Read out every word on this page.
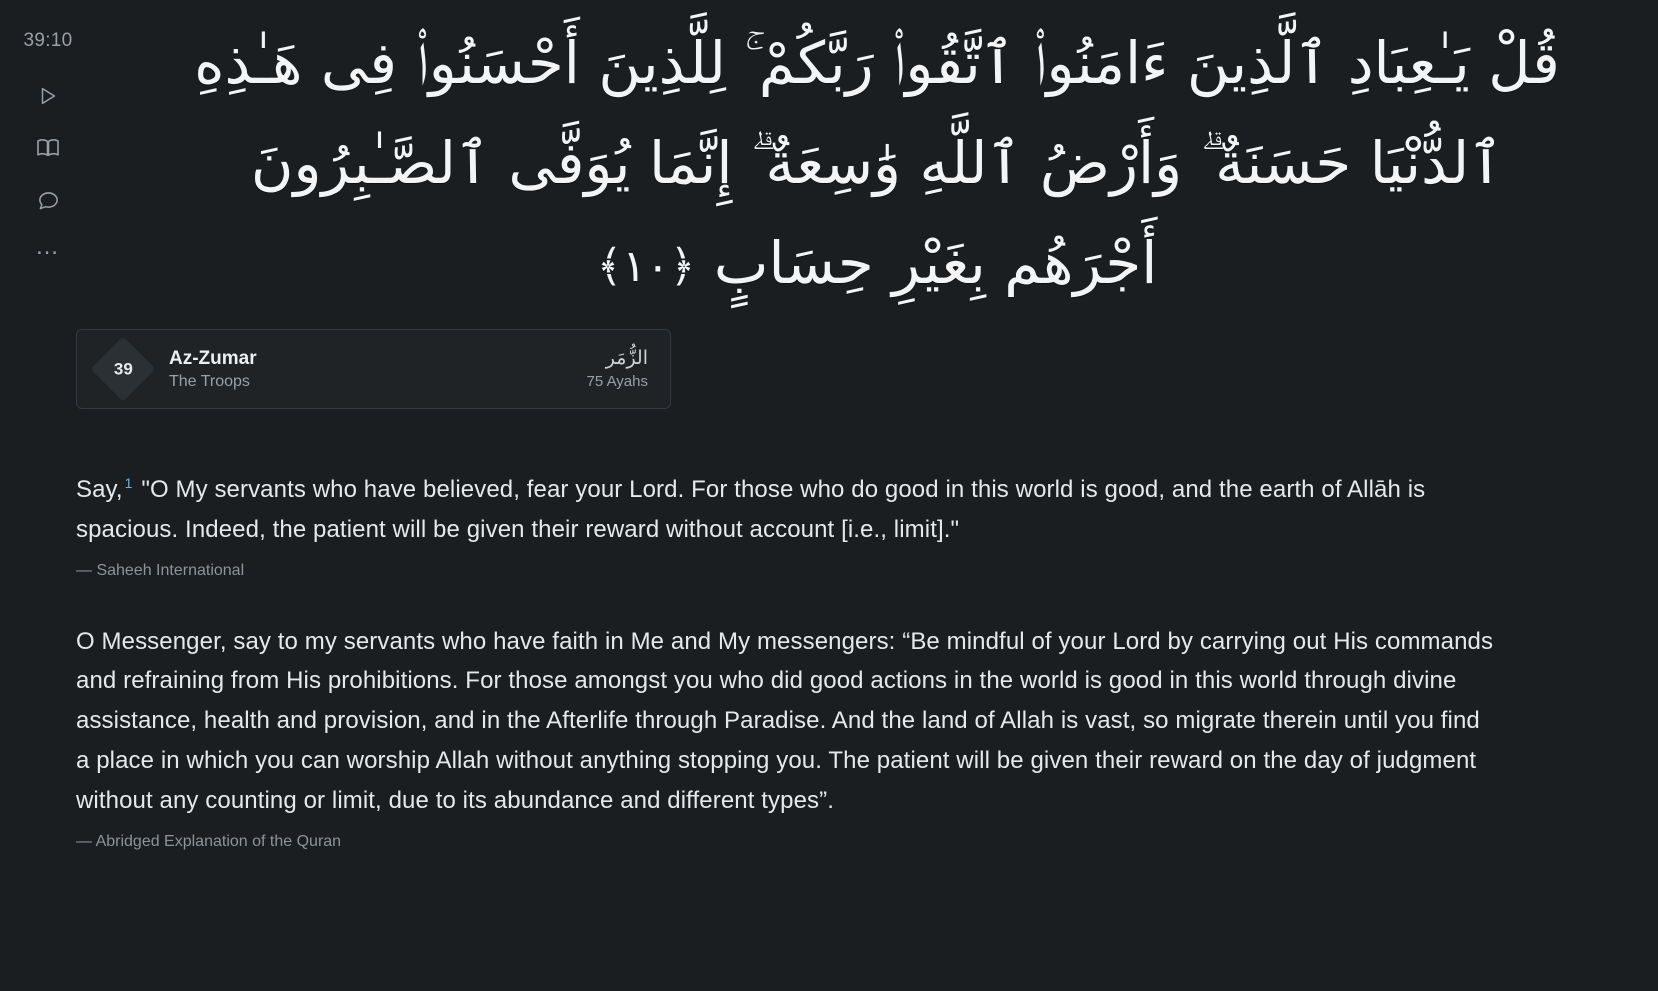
39:10
…
قُلْ يَـٰعِبَادِ ٱلَّذِينَ ءَامَنُوا۟ ٱتَّقُوا۟ رَبَّكُمْ ۚ لِلَّذِينَ أَحْسَنُوا۟ فِى هَـٰذِهِ ٱلدُّنْيَا حَسَنَةٌ ۗ وَأَرْضُ ٱللَّهِ وَٰسِعَةٌ ۗ إِنَّمَا يُوَفَّى ٱلصَّـٰبِرُونَ أَجْرَهُم بِغَيْرِ حِسَابٍ ﴿١٠﴾
39 Az-Zumar
The Troops
الزُّمَر
75 Ayahs
Say, $^1$ "O My servants who have believed, fear your Lord. For those who do good in this world is good, and the earth of Allāh is spacious. Indeed, the patient will be given their reward without account [i.e., limit]."
— Saheeh International
O Messenger, say to my servants who have faith in Me and My messengers: “Be mindful of your Lord by carrying out His commands and refraining from His prohibitions. For those amongst you who did good actions in the world is good in this world through divine assistance, health and provision, and in the Afterlife through Paradise. And the land of Allah is vast, so migrate therein until you find a place in which you can worship Allah without anything stopping you. The patient will be given their reward on the day of judgment without any counting or limit, due to its abundance and different types”.
— Abridged Explanation of the Quran
